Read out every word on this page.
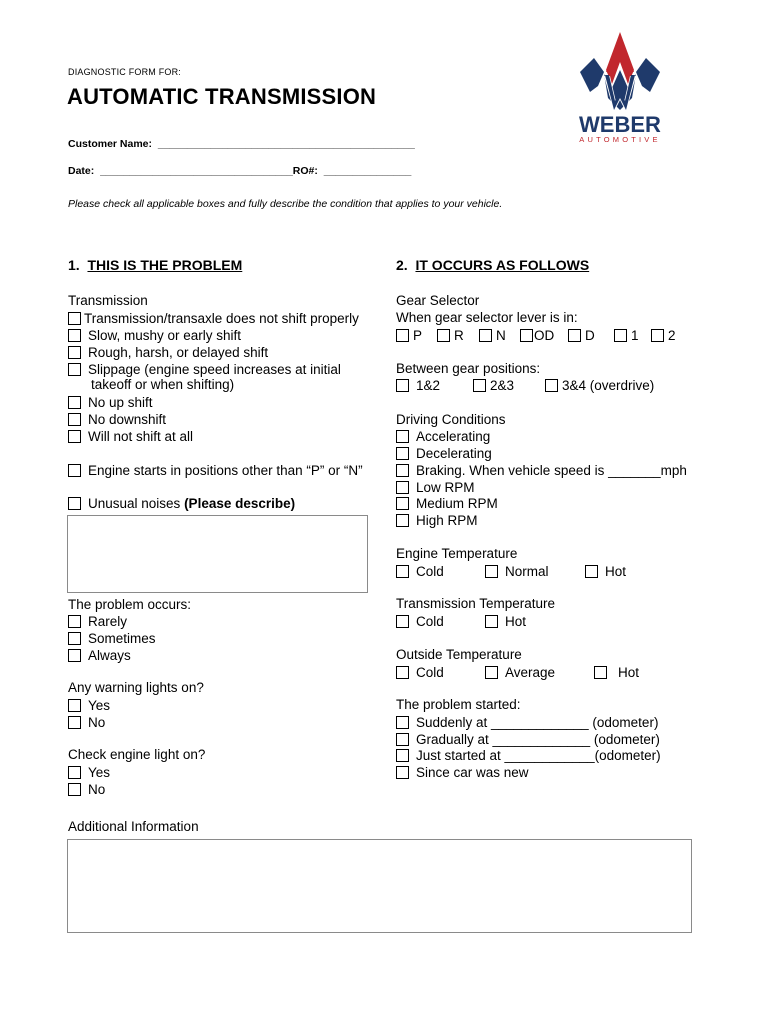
DIAGNOSTIC FORM FOR:
AUTOMATIC TRANSMISSION
Customer Name:  ____________________________________________
Date:  _________________________________RO#:  _______________
Please check all applicable boxes and fully describe the condition that applies to your vehicle.
WEBER
AUTOMOTIVE
1. THIS IS THE PROBLEM	2. IT OCCURS AS FOLLOWS
Transmission
Transmission/transaxle does not shift properly
Slow, mushy or early shift
Rough, harsh, or delayed shift
Slippage (engine speed increases at initial
takeoff or when shifting)
No up shift
No downshift
Will not shift at all
Engine starts in positions other than “P” or “N”
Unusual noises (Please describe)
The problem occurs:
Rarely
Sometimes
Always
Any warning lights on?
Yes
No
Check engine light on?
Yes
No
Additional Information
Gear Selector
When gear selector lever is in:
P R N OD D	1 2
Between gear positions:
1&2	2&3	3&4 (overdrive)
Driving Conditions
Accelerating
Decelerating
Braking. When vehicle speed is _______mph
Low RPM
Medium RPM
High RPM
Engine Temperature
Cold	Normal	Hot
Transmission Temperature
Cold	Hot
Outside Temperature
Cold	Average	Hot
The problem started:
Suddenly at _____________ (odometer)
Gradually at _____________ (odometer)
Just started at ____________(odometer)
Since car was new
